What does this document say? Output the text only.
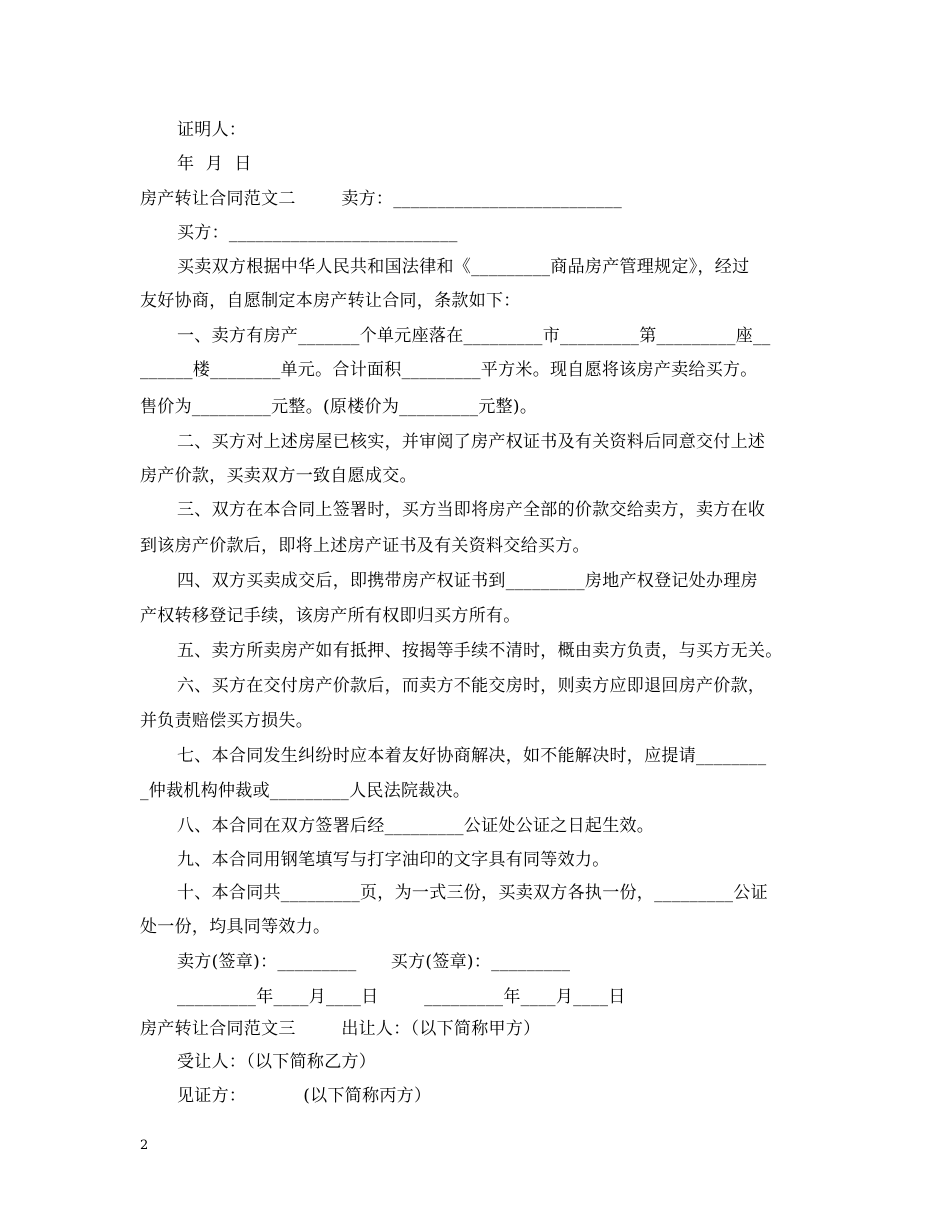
证明人：
年  月  日
房产转让合同范文二        卖方：__________________________
买方：__________________________
买卖双方根据中华人民共和国法律和《_________商品房产管理规定》，经过
友好协商，自愿制定本房产转让合同，条款如下：
一、卖方有房产_______个单元座落在_________市_________第_________座__
______楼________单元。合计面积_________平方米。现自愿将该房产卖给买方。
售价为_________元整。(原楼价为_________元整)。
二、买方对上述房屋已核实，并审阅了房产权证书及有关资料后同意交付上述
房产价款，买卖双方一致自愿成交。
三、双方在本合同上签署时，买方当即将房产全部的价款交给卖方，卖方在收
到该房产价款后，即将上述房产证书及有关资料交给买方。
四、双方买卖成交后，即携带房产权证书到_________房地产权登记处办理房
产权转移登记手续，该房产所有权即归买方所有。
五、卖方所卖房产如有抵押、按揭等手续不清时，概由卖方负责，与买方无关。
六、买方在交付房产价款后，而卖方不能交房时，则卖方应即退回房产价款，
并负责赔偿买方损失。
七、本合同发生纠纷时应本着友好协商解决，如不能解决时，应提请________
_仲裁机构仲裁或_________人民法院裁决。
八、本合同在双方签署后经_________公证处公证之日起生效。
九、本合同用钢笔填写与打字油印的文字具有同等效力。
十、本合同共_________页，为一式三份，买卖双方各执一份，_________公证
处一份，均具同等效力。
卖方(签章)：_________      买方(签章)：_________
_________年____月____日        _________年____月____日
房产转让合同范文三        出让人：（以下简称甲方）
受让人：（以下简称乙方）
见证方：          (以下简称丙方）
2
